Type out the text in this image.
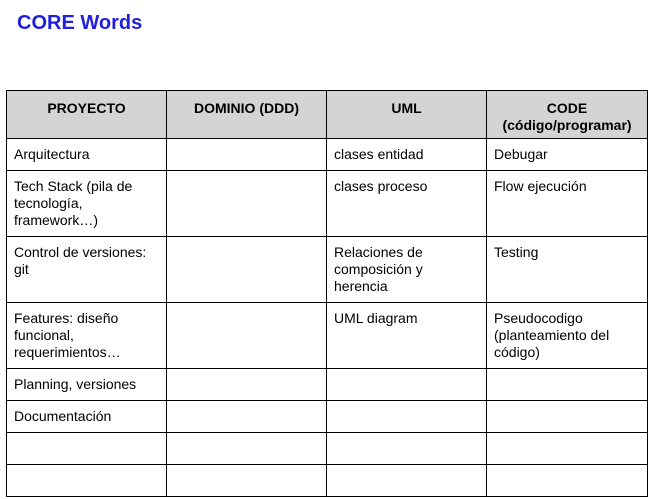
CORE Words
PROYECTO	DOMINIO (DDD)	UML	CODE
(código/programar)

Arquitectura		clases entidad	Debugar
Tech Stack (pila de tecnología, framework…)		clases proceso	Flow ejecución
Control de versiones: git		Relaciones de composición y herencia	Testing
Features: diseño funcional, requerimientos…		UML diagram	Pseudocodigo (planteamiento del código)
Planning, versiones			
Documentación			
